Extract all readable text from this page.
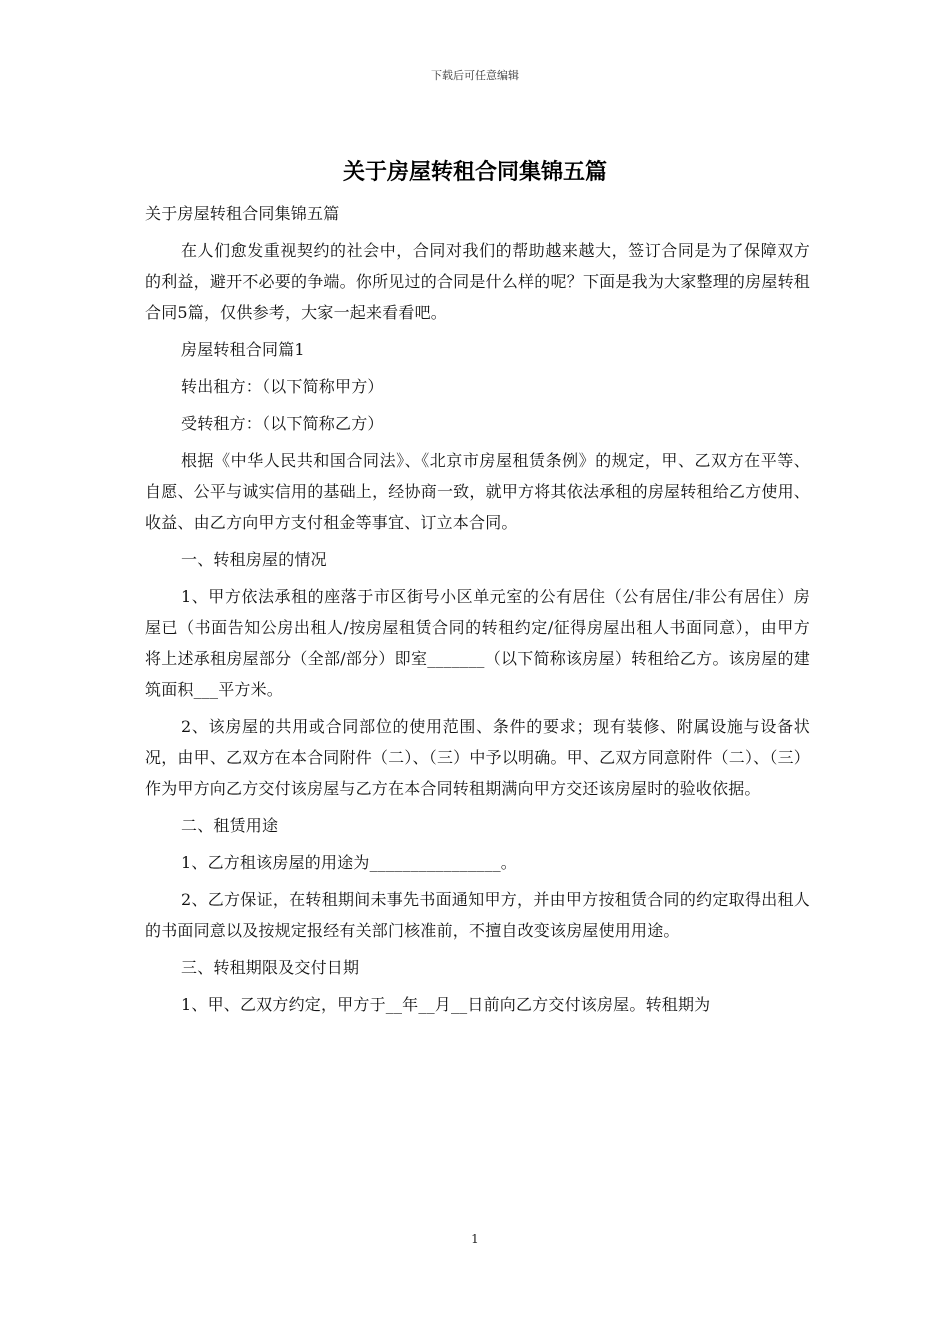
下载后可任意编辑
关于房屋转租合同集锦五篇

关于房屋转租合同集锦五篇

在人们愈发重视契约的社会中，合同对我们的帮助越来越大，签订合同是为了保障双方的利益，避开不必要的争端。你所见过的合同是什么样的呢？下面是我为大家整理的房屋转租合同5篇，仅供参考，大家一起来看看吧。

房屋转租合同篇1

转出租方：（以下简称甲方）

受转租方：（以下简称乙方）

根据《中华人民共和国合同法》、《北京市房屋租赁条例》的规定，甲、乙双方在平等、自愿、公平与诚实信用的基础上，经协商一致，就甲方将其依法承租的房屋转租给乙方使用、收益、由乙方向甲方支付租金等事宜、订立本合同。

一、转租房屋的情况

1、甲方依法承租的座落于市区街号小区单元室的公有居住（公有居住/非公有居住）房屋已（书面告知公房出租人/按房屋租赁合同的转租约定/征得房屋出租人书面同意），由甲方将上述承租房屋部分（全部/部分）即室_______（以下简称该房屋）转租给乙方。该房屋的建筑面积___平方米。

2、该房屋的共用或合同部位的使用范围、条件的要求；现有装修、附属设施与设备状况，由甲、乙双方在本合同附件（二）、（三）中予以明确。甲、乙双方同意附件（二）、（三）作为甲方向乙方交付该房屋与乙方在本合同转租期满向甲方交还该房屋时的验收依据。

二、租赁用途

1、乙方租该房屋的用途为________________。

2、乙方保证，在转租期间未事先书面通知甲方，并由甲方按租赁合同的约定取得出租人的书面同意以及按规定报经有关部门核准前，不擅自改变该房屋使用用途。

三、转租期限及交付日期

1、甲、乙双方约定，甲方于__年__月__日前向乙方交付该房屋。转租期为

1
